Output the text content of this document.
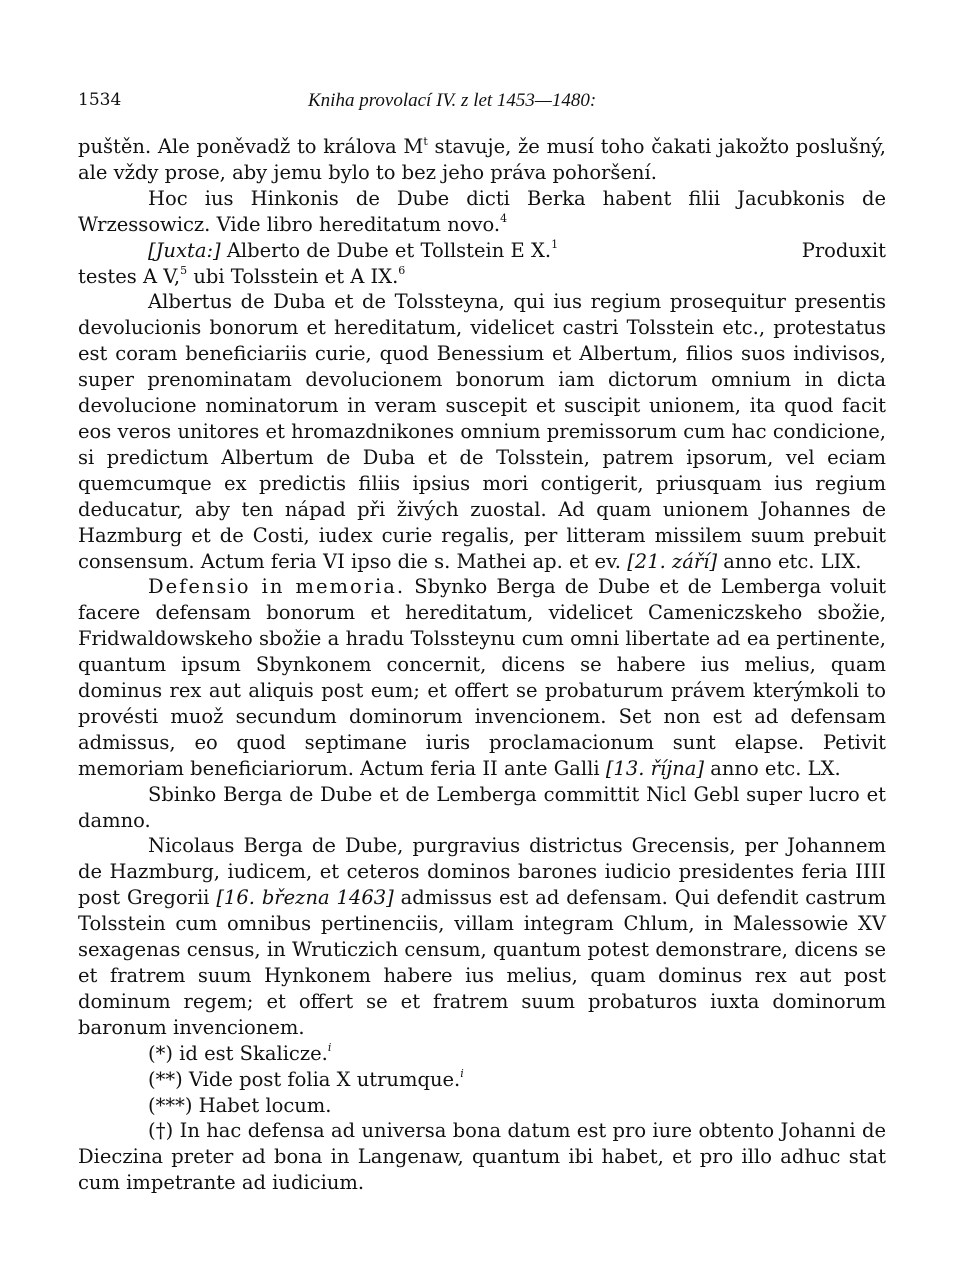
1534	Kniha provolací IV. z let 1453—1480:

puštěn. Ale poněvadž to králova $M^t$ stavuje, že musí toho čakati jakožto poslušný, ale vždy prose, aby jemu bylo to bez jeho práva pohoršení.

Hoc ius Hinkonis de Dube dicti Berka habent filii Jacubkonis de Wrzessowicz. Vide libro hereditatum novo.$^4$

[Juxta:] Alberto de Dube et Tollstein E X.$^1$	Produxit

testes A V,$^5$ ubi Tolsstein et A IX.$^6$

Albertus de Duba et de Tolssteyna, qui ius regium prosequitur presentis devolucionis bonorum et hereditatum, videlicet castri Tolsstein etc., protestatus est coram beneficiariis curie, quod Benessium et Albertum, filios suos indivisos, super prenominatam devolucionem bonorum iam dictorum omnium in dicta devolucione nominatorum in veram suscepit et suscipit unionem, ita quod facit eos veros unitores et hromazdnikones omnium premissorum cum hac condicione, si predictum Albertum de Duba et de Tolsstein, patrem ipsorum, vel eciam quemcumque ex predictis filiis ipsius mori contigerit, priusquam ius regium deducatur, aby ten nápad při živých zuostal. Ad quam unionem Johannes de Hazmburg et de Costi, iudex curie regalis, per litteram missilem suum prebuit consensum. Actum feria VI ipso die s. Mathei ap. et ev. [21. září] anno etc. LIX.

Defensio in memoria. Sbynko Berga de Dube et de Lemberga voluit facere defensam bonorum et hereditatum, videlicet Cameniczskeho sbožie, Fridwaldowskeho sbožie a hradu Tolssteynu cum omni libertate ad ea pertinente, quantum ipsum Sbynkonem concernit, dicens se habere ius melius, quam dominus rex aut aliquis post eum; et offert se probaturum právem kterýmkoli to provésti muož secundum dominorum invencionem. Set non est ad defensam admissus, eo quod septimane iuris proclamacionum sunt elapse. Petivit memoriam beneficiariorum. Actum feria II ante Galli [13. října] anno etc. LX.

Sbinko Berga de Dube et de Lemberga committit Nicl Gebl super lucro et damno.

Nicolaus Berga de Dube, purgravius districtus Grecensis, per Johannem de Hazmburg, iudicem, et ceteros dominos barones iudicio presidentes feria IIII post Gregorii [16. března 1463] admissus est ad defensam. Qui defendit castrum Tolsstein cum omnibus pertinenciis, villam integram Chlum, in Malessowie XV sexagenas census, in Wruticzich censum, quantum potest demonstrare, dicens se et fratrem suum Hynkonem habere ius melius, quam dominus rex aut post dominum regem; et offert se et fratrem suum probaturos iuxta dominorum baronum invencionem.

(*) id est Skalicze.$^i$

(**) Vide post folia X utrumque.$^i$

(***) Habet locum.

(†) In hac defensa ad universa bona datum est pro iure obtento Johanni de Dieczina preter ad bona in Langenaw, quantum ibi habet, et pro illo adhuc stat cum impetrante ad iudicium.
